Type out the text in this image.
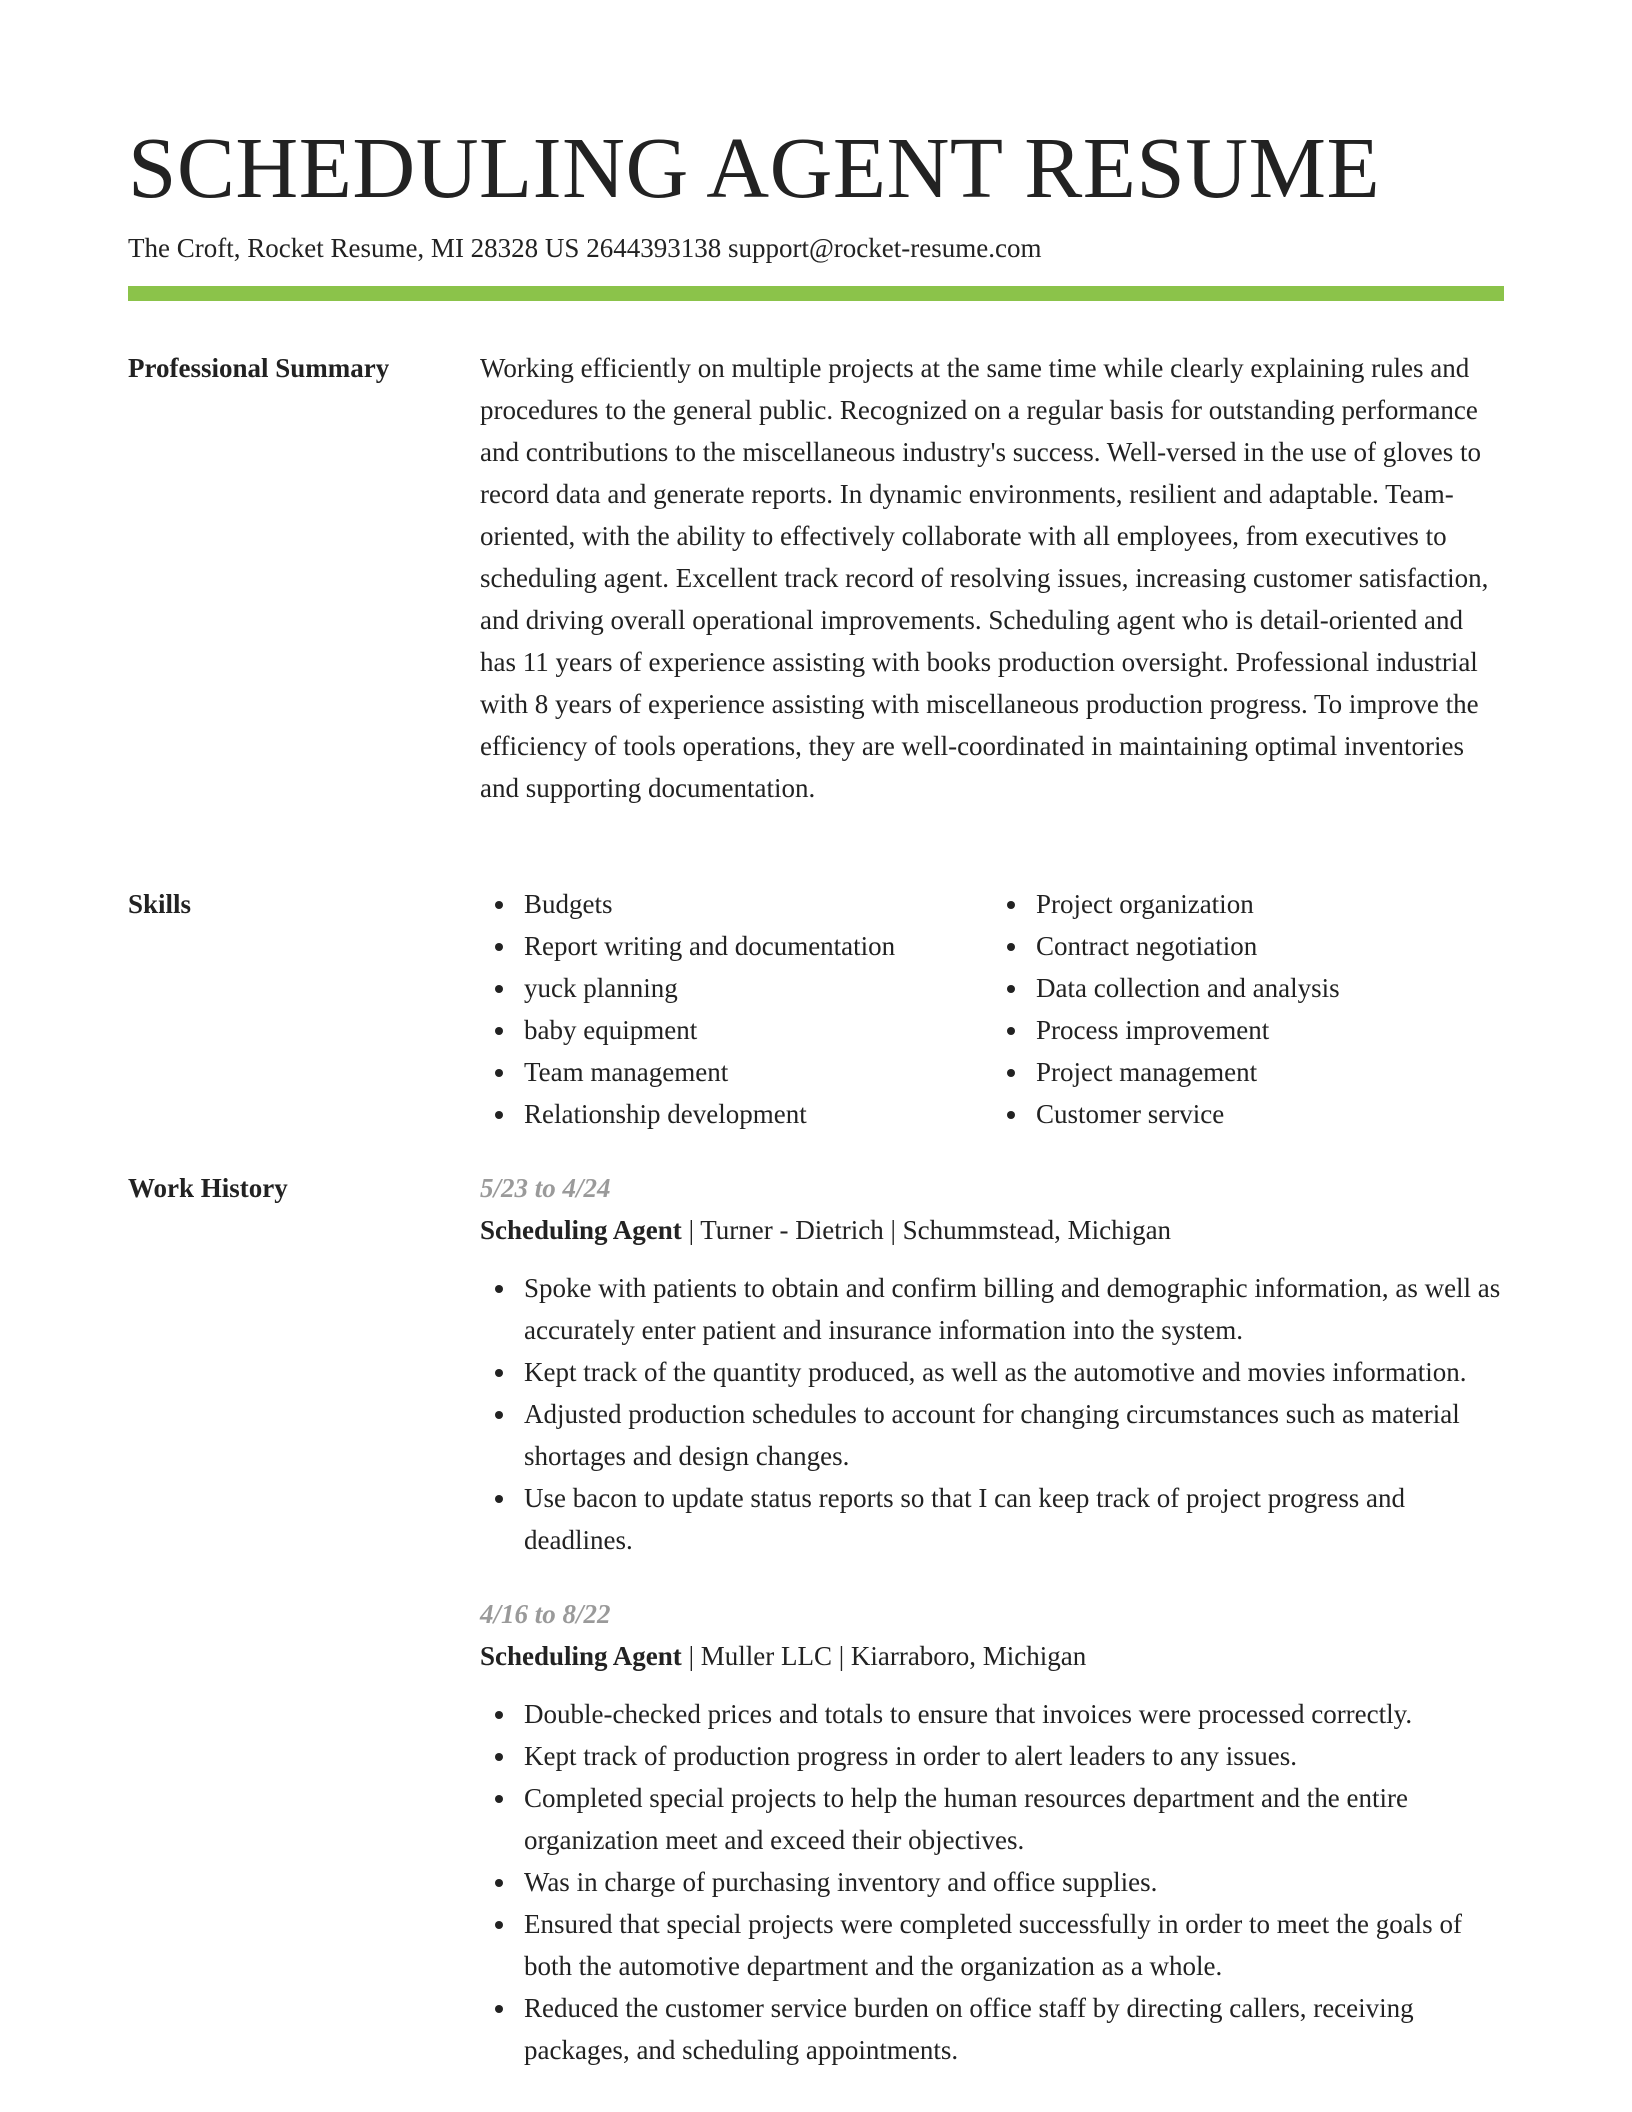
SCHEDULING AGENT RESUME
The Croft, Rocket Resume, MI 28328 US 2644393138 support@rocket-resume.com
Professional Summary	Working efficiently on multiple projects at the same time while clearly explaining rules and procedures to the general public. Recognized on a regular basis for outstanding performance and contributions to the miscellaneous industry's success. Well-versed in the use of gloves to record data and generate reports. In dynamic environments, resilient and adaptable. Team-oriented, with the ability to effectively collaborate with all employees, from executives to scheduling agent. Excellent track record of resolving issues, increasing customer satisfaction, and driving overall operational improvements. Scheduling agent who is detail-oriented and has 11 years of experience assisting with books production oversight. Professional industrial with 8 years of experience assisting with miscellaneous production progress. To improve the efficiency of tools operations, they are well-coordinated in maintaining optimal inventories and supporting documentation.

Skills	Budgets
Report writing and documentation
yuck planning
baby equipment
Team management
Relationship development
Project organization
Contract negotiation
Data collection and analysis
Process improvement
Project management
Customer service
Work History	5/23 to 4/24
Scheduling Agent | Turner - Dietrich | Schummstead, Michigan
Spoke with patients to obtain and confirm billing and demographic information, as well as accurately enter patient and insurance information into the system.
Kept track of the quantity produced, as well as the automotive and movies information.
Adjusted production schedules to account for changing circumstances such as material shortages and design changes.
Use bacon to update status reports so that I can keep track of project progress and deadlines.
4/16 to 8/22
Scheduling Agent | Muller LLC | Kiarraboro, Michigan
Double-checked prices and totals to ensure that invoices were processed correctly.
Kept track of production progress in order to alert leaders to any issues.
Completed special projects to help the human resources department and the entire organization meet and exceed their objectives.
Was in charge of purchasing inventory and office supplies.
Ensured that special projects were completed successfully in order to meet the goals of both the automotive department and the organization as a whole.
Reduced the customer service burden on office staff by directing callers, receiving packages, and scheduling appointments.
